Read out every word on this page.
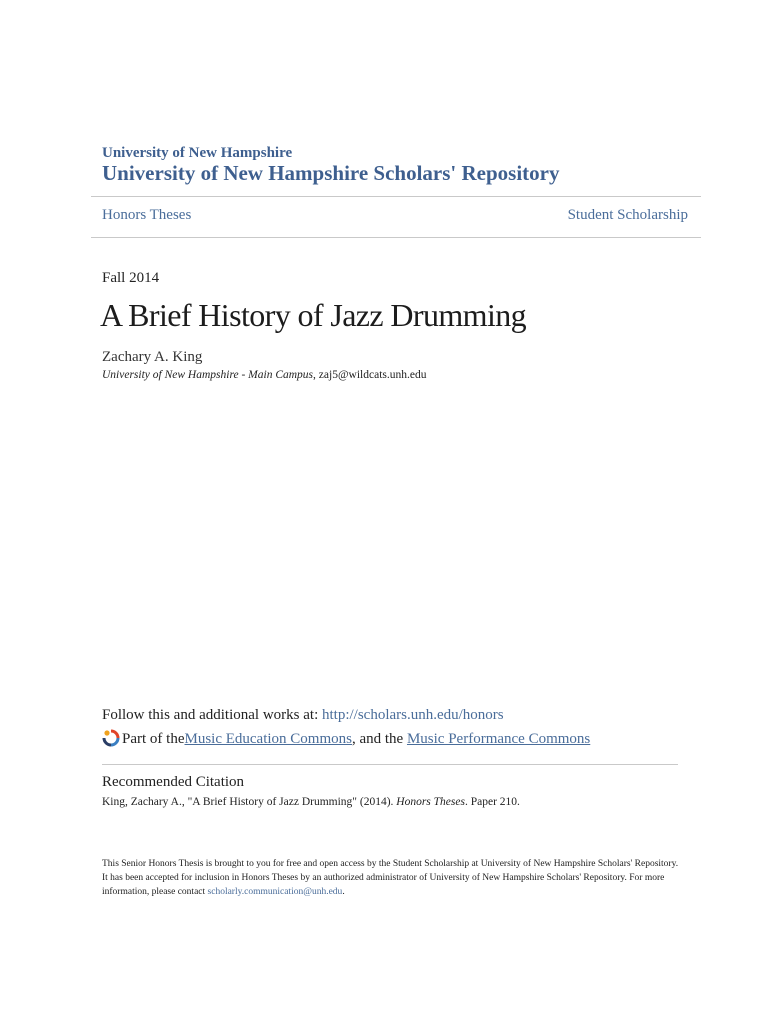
University of New Hampshire
University of New Hampshire Scholars' Repository
Honors Theses	Student Scholarship
Fall 2014
A Brief History of Jazz Drumming
Zachary A. King
University of New Hampshire - Main Campus, zaj5@wildcats.unh.edu
Follow this and additional works at: http://scholars.unh.edu/honors
Part of the Music Education Commons , and the Music Performance Commons
Recommended Citation
King, Zachary A., "A Brief History of Jazz Drumming" (2014). Honors Theses. Paper 210.
This Senior Honors Thesis is brought to you for free and open access by the Student Scholarship at University of New Hampshire Scholars' Repository. It has been accepted for inclusion in Honors Theses by an authorized administrator of University of New Hampshire Scholars' Repository. For more information, please contact scholarly.communication@unh.edu.
